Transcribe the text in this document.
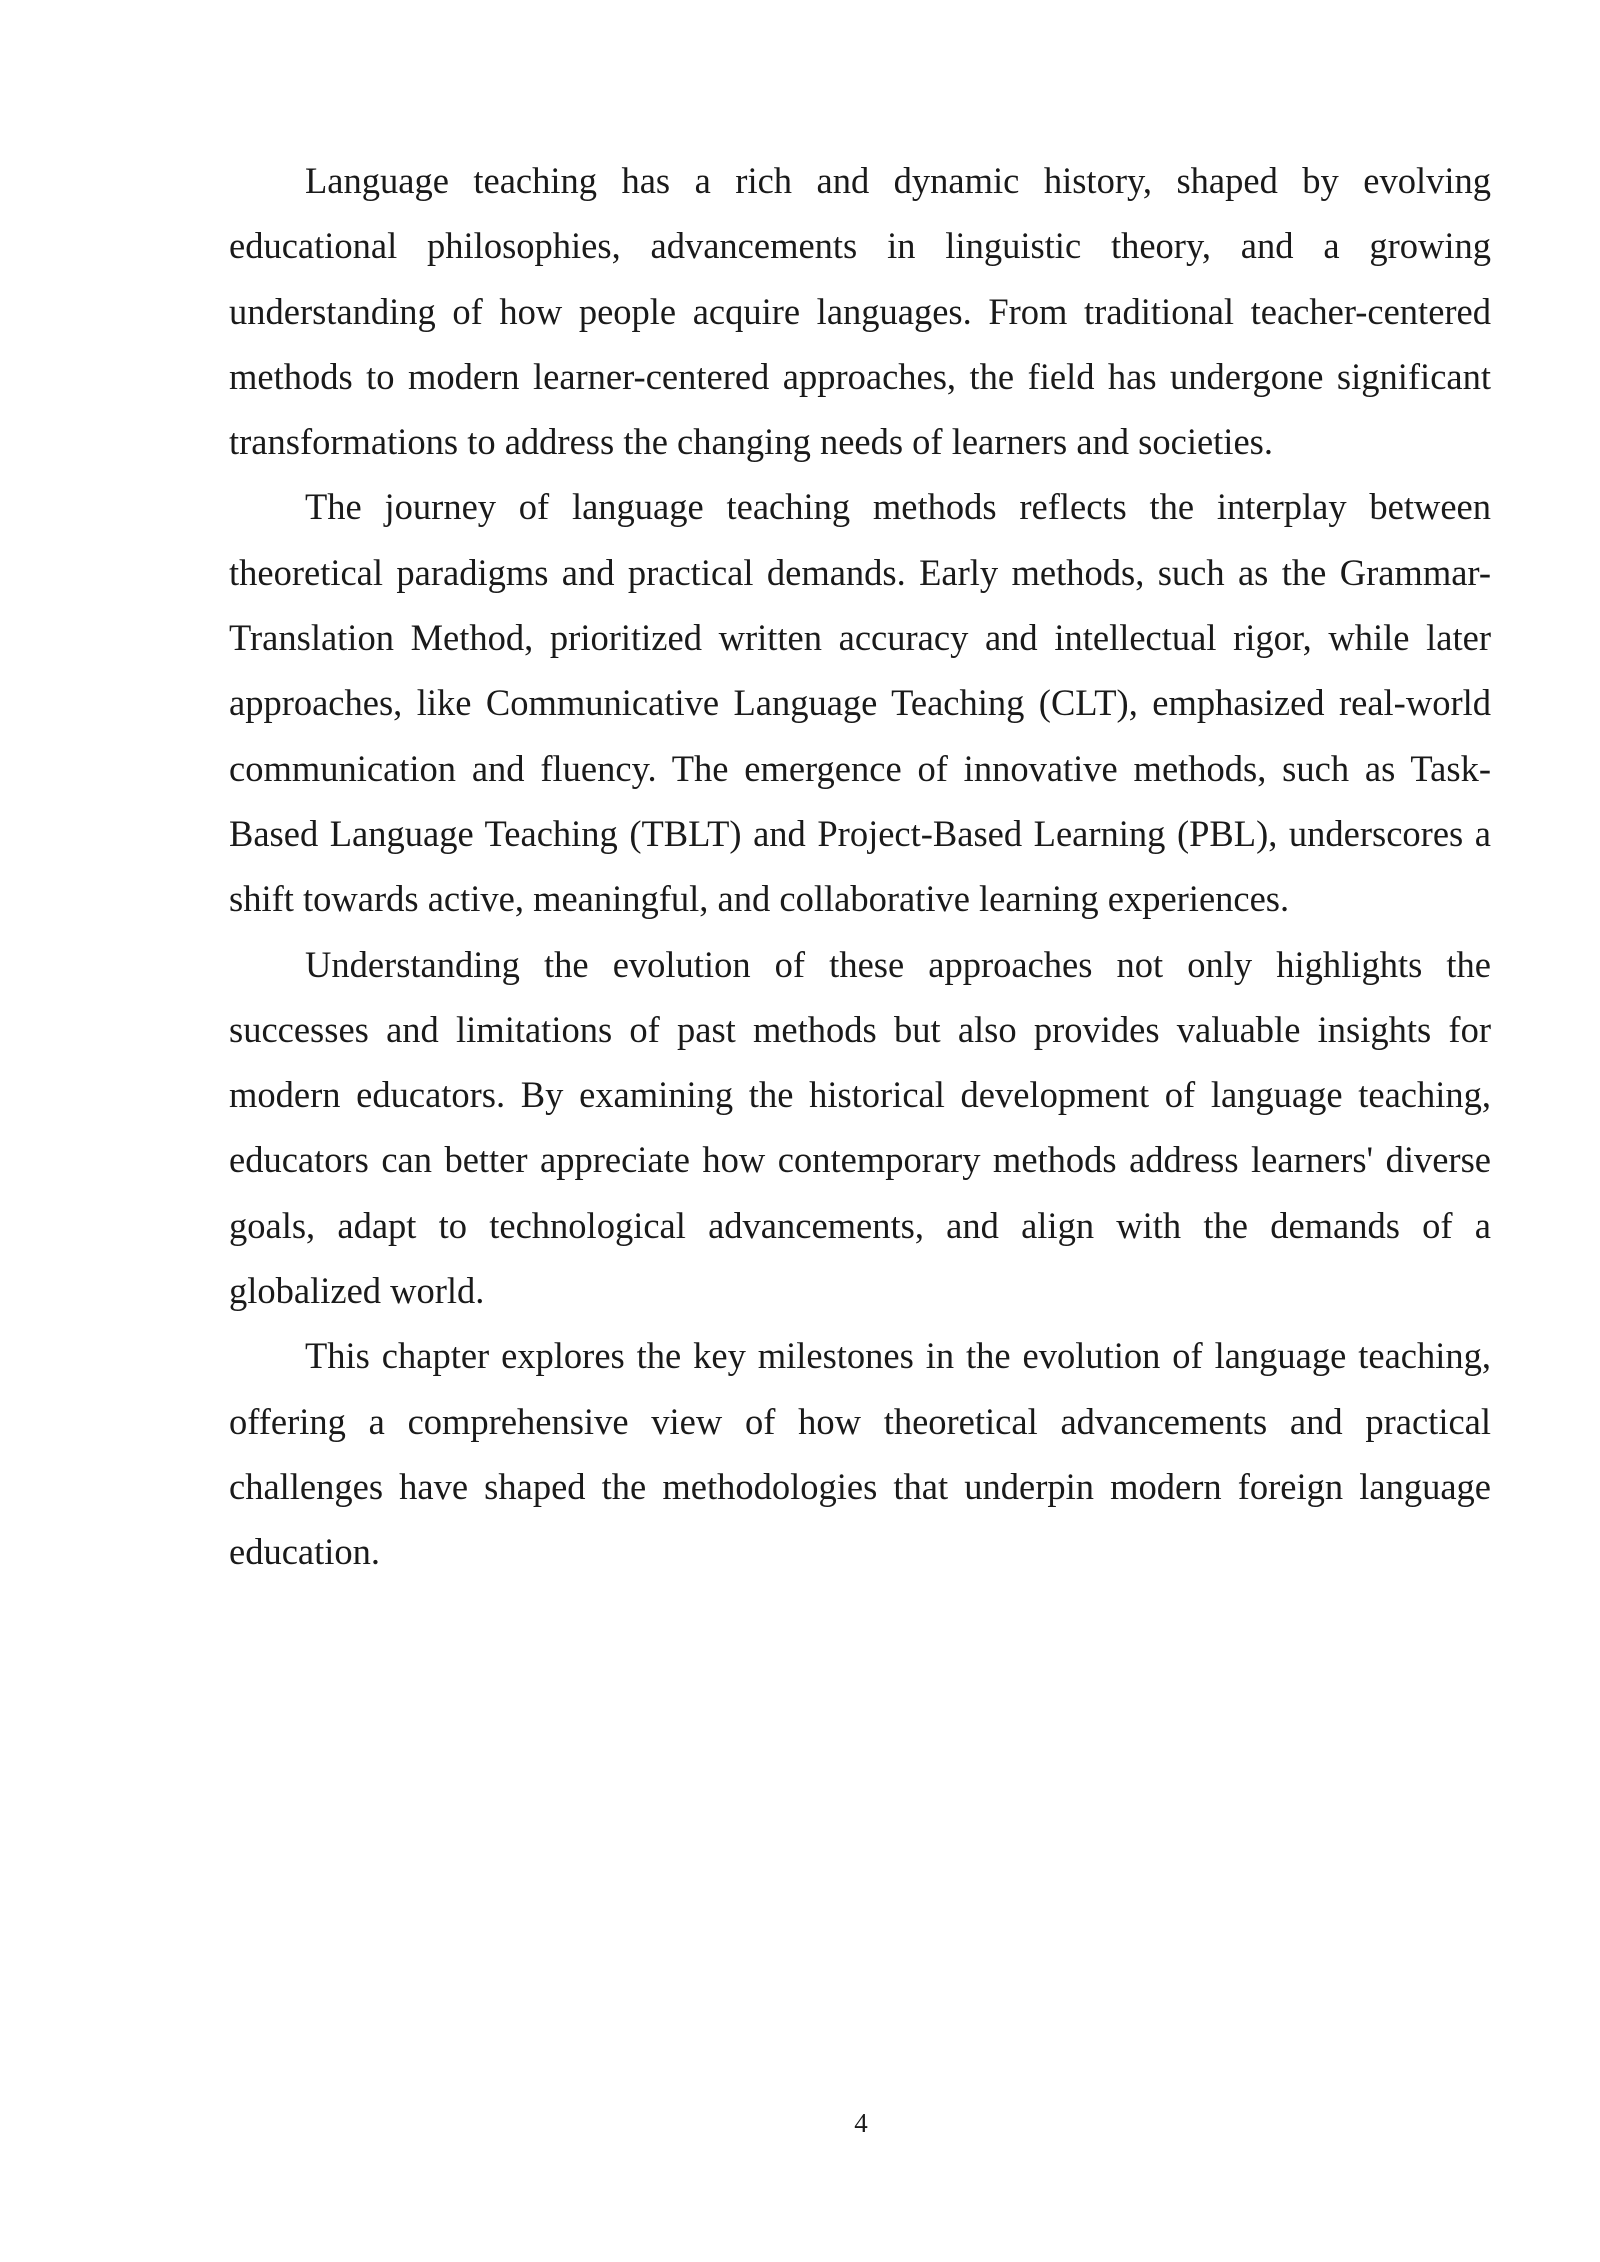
Language teaching has a rich and dynamic history, shaped by evolving educational philosophies, advancements in linguistic theory, and a growing understanding of how people acquire languages. From traditional teacher-centered methods to modern learner-centered approaches, the field has undergone significant transformations to address the changing needs of learners and societies.

The journey of language teaching methods reflects the interplay between theoretical paradigms and practical demands. Early methods, such as the Grammar-Translation Method, prioritized written accuracy and intellectual rigor, while later approaches, like Communicative Language Teaching (CLT), emphasized real-world communication and fluency. The emergence of innovative methods, such as Task-Based Language Teaching (TBLT) and Project-Based Learning (PBL), underscores a shift towards active, meaningful, and collaborative learning experiences.

Understanding the evolution of these approaches not only highlights the successes and limitations of past methods but also provides valuable insights for modern educators. By examining the historical development of language teaching, educators can better appreciate how contemporary methods address learners' diverse goals, adapt to technological advancements, and align with the demands of a globalized world.

This chapter explores the key milestones in the evolution of language teaching, offering a comprehensive view of how theoretical advancements and practical challenges have shaped the methodologies that underpin modern foreign language education.

4
